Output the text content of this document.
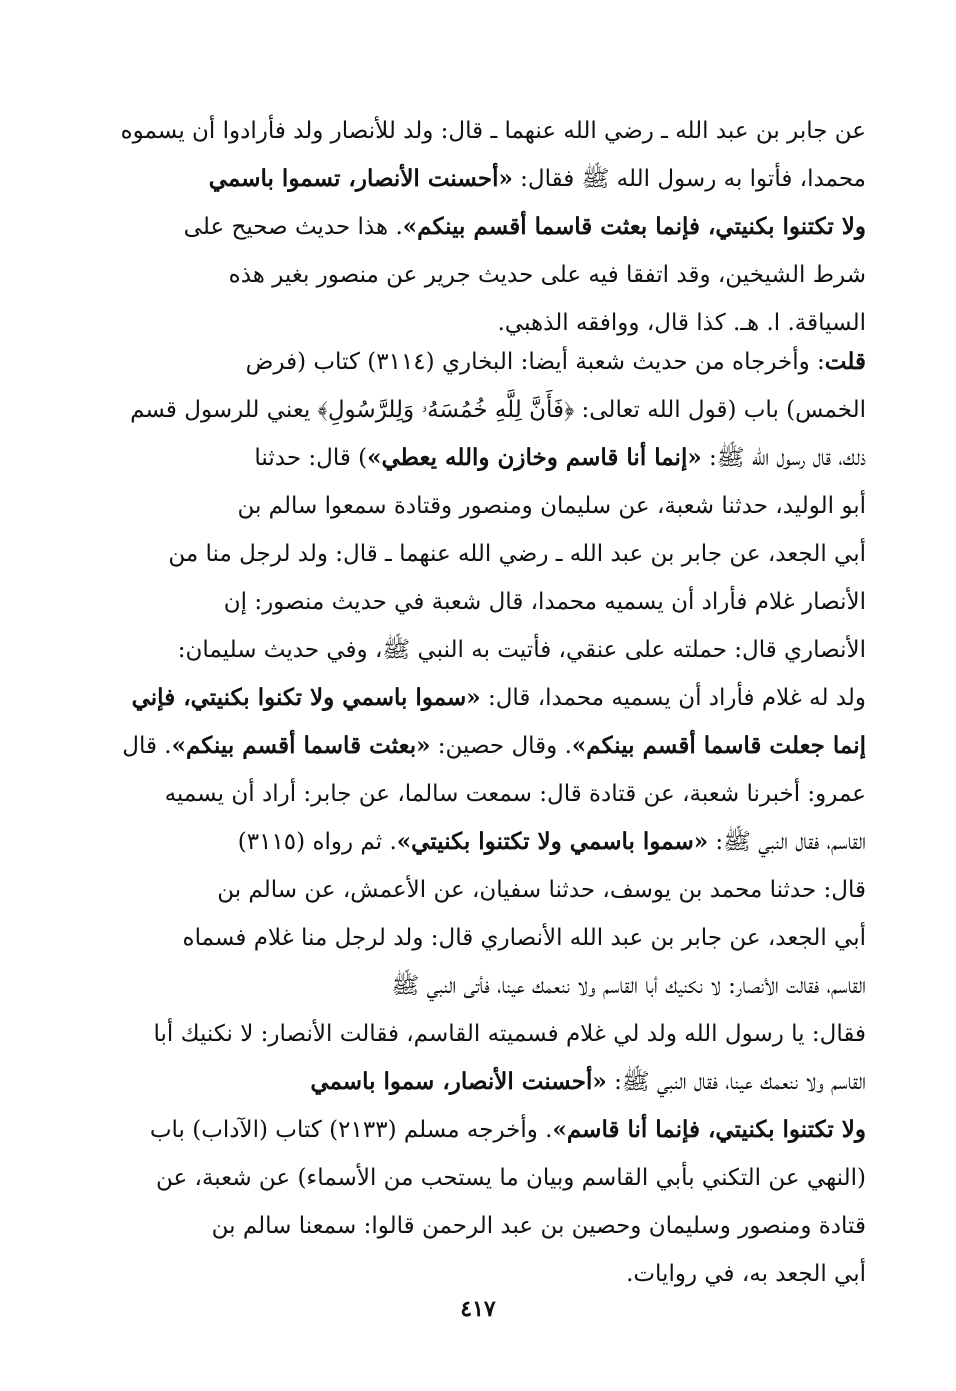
عن جابر بن عبد الله ـ رضي الله عنهما ـ قال: ولد للأنصار ولد فأرادوا أن يسموه
محمدا، فأتوا به رسول الله ﷺ فقال: «أحسنت الأنصار، تسموا باسمي
ولا تكتنوا بكنيتي، فإنما بعثت قاسما أقسم بينكم». هذا حديث صحيح على
شرط الشيخين، وقد اتفقا فيه على حديث جرير عن منصور بغير هذه
السياقة. ا. هـ. كذا قال، ووافقه الذهبي.
قلت: وأخرجاه من حديث شعبة أيضا: البخاري (٣١١٤) كتاب (فرض
الخمس) باب (قول الله تعالى: ﴿فَأَنَّ لِلَّهِ خُمُسَهُۥ وَلِلرَّسُولِ﴾ يعني للرسول قسم
ذلك، قال رسول الله ﷺ: «إنما أنا قاسم وخازن والله يعطي») قال: حدثنا
أبو الوليد، حدثنا شعبة، عن سليمان ومنصور وقتادة سمعوا سالم بن
أبي الجعد، عن جابر بن عبد الله ـ رضي الله عنهما ـ قال: ولد لرجل منا من
الأنصار غلام فأراد أن يسميه محمدا، قال شعبة في حديث منصور: إن
الأنصاري قال: حملته على عنقي، فأتيت به النبي ﷺ، وفي حديث سليمان:
ولد له غلام فأراد أن يسميه محمدا، قال: «سموا باسمي ولا تكنوا بكنيتي، فإني
إنما جعلت قاسما أقسم بينكم». وقال حصين: «بعثت قاسما أقسم بينكم». قال
عمرو: أخبرنا شعبة، عن قتادة قال: سمعت سالما، عن جابر: أراد أن يسميه
القاسم، فقال النبي ﷺ: «سموا باسمي ولا تكتنوا بكنيتي». ثم رواه (٣١١٥)
قال: حدثنا محمد بن يوسف، حدثنا سفيان، عن الأعمش، عن سالم بن
أبي الجعد، عن جابر بن عبد الله الأنصاري قال: ولد لرجل منا غلام فسماه
القاسم، فقالت الأنصار: لا نكنيك أبا القاسم ولا ننعمك عينا، فأتى النبي ﷺ
فقال: يا رسول الله ولد لي غلام فسميته القاسم، فقالت الأنصار: لا نكنيك أبا
القاسم ولا ننعمك عينا، فقال النبي ﷺ: «أحسنت الأنصار، سموا باسمي
ولا تكتنوا بكنيتي، فإنما أنا قاسم». وأخرجه مسلم (٢١٣٣) كتاب (الآداب) باب
(النهي عن التكني بأبي القاسم وبيان ما يستحب من الأسماء) عن شعبة، عن
قتادة ومنصور وسليمان وحصين بن عبد الرحمن قالوا: سمعنا سالم بن
أبي الجعد به، في روايات.
٤١٧
